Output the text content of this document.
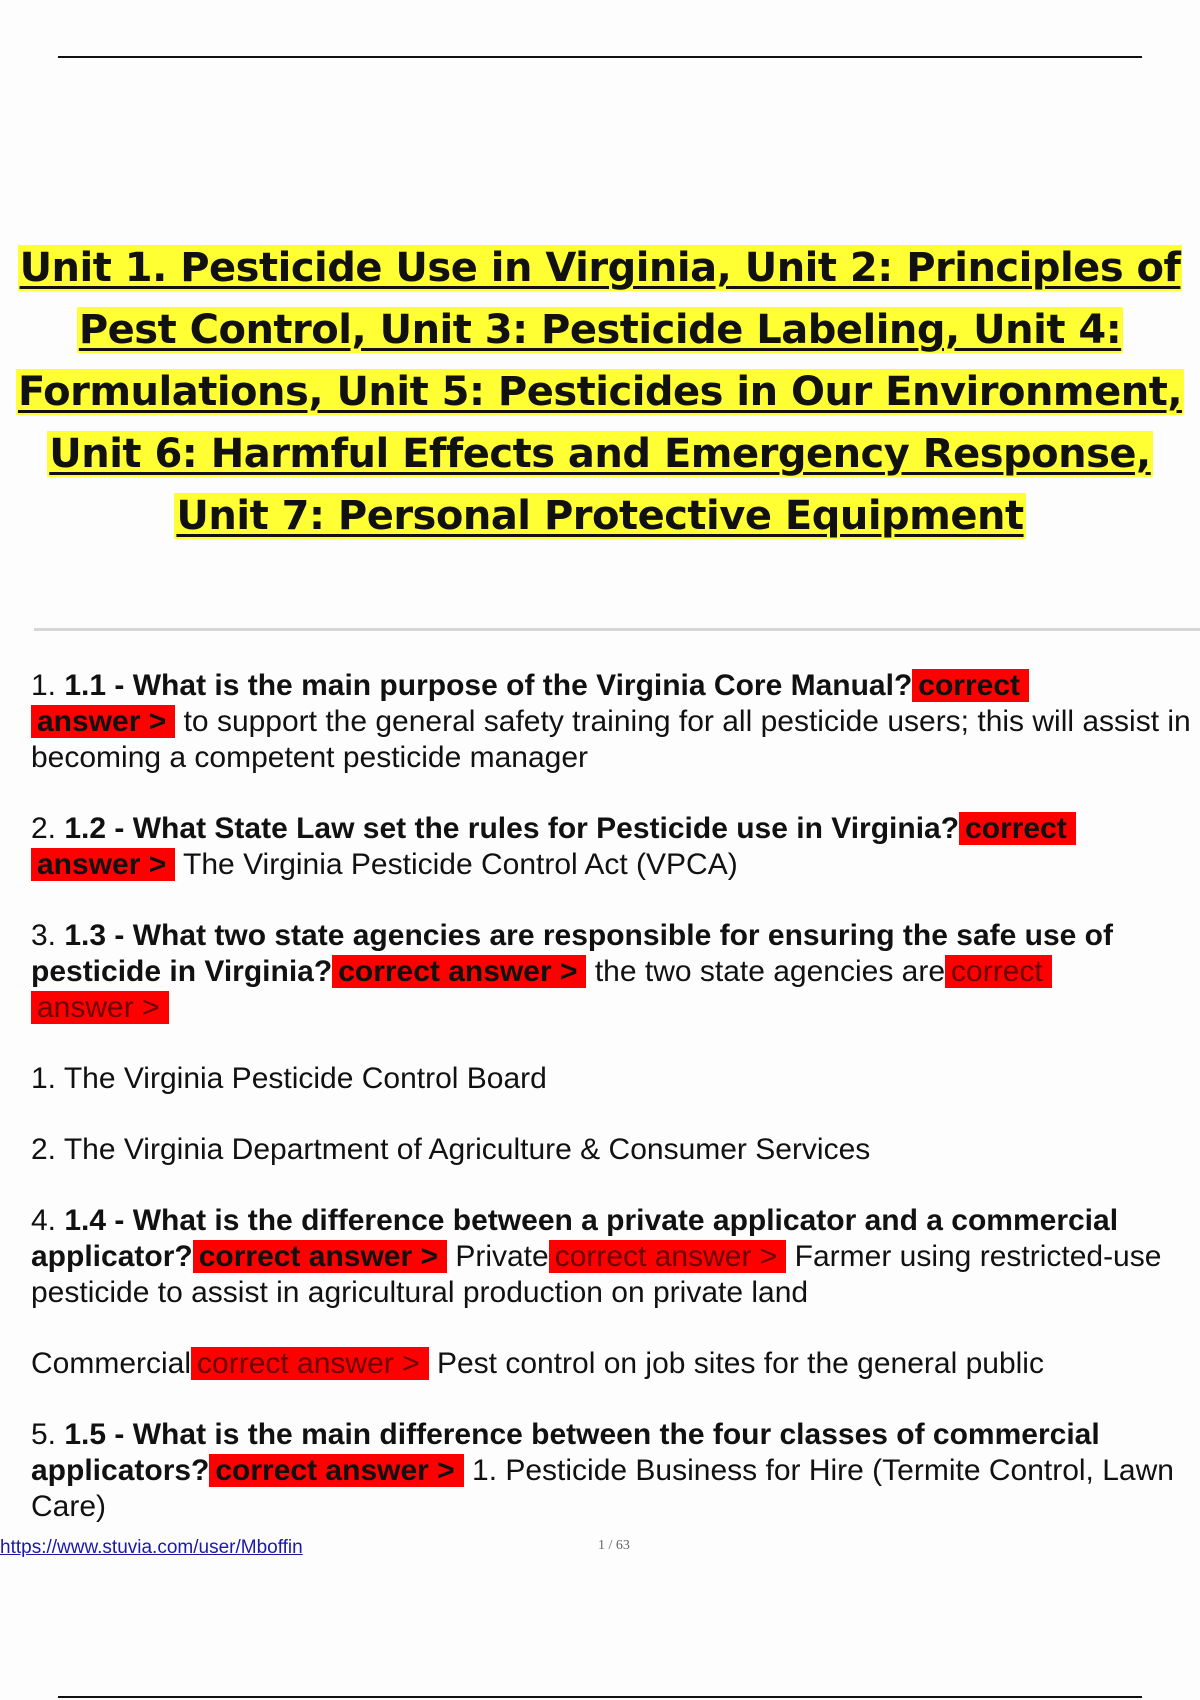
Unit 1. Pesticide Use in Virginia, Unit 2: Principles of Pest Control, Unit 3: Pesticide Labeling, Unit 4: Formulations, Unit 5: Pesticides in Our Environment, Unit 6: Harmful Effects and Emergency Response, Unit 7: Personal Protective Equipment

1. 1.1 - What is the main purpose of the Virginia Core Manual? correct
answer > to support the general safety training for all pesticide users; this will assist in becoming a competent pesticide manager

2. 1.2 - What State Law set the rules for Pesticide use in Virginia? correct
answer > The Virginia Pesticide Control Act (VPCA)

3. 1.3 - What two state agencies are responsible for ensuring the safe use of pesticide in Virginia? correct answer > the two state agencies are correct
answer >

1. The Virginia Pesticide Control Board

2. The Virginia Department of Agriculture & Consumer Services

4. 1.4 - What is the difference between a private applicator and a commercial applicator? correct answer > Private correct answer > Farmer using restricted-use pesticide to assist in agricultural production on private land

Commercial correct answer > Pest control on job sites for the general public

5. 1.5 - What is the main difference between the four classes of commercial applicators? correct answer > 1. Pesticide Business for Hire (Termite Control, Lawn Care)

https://www.stuvia.com/user/Mboffin	1 / 63
